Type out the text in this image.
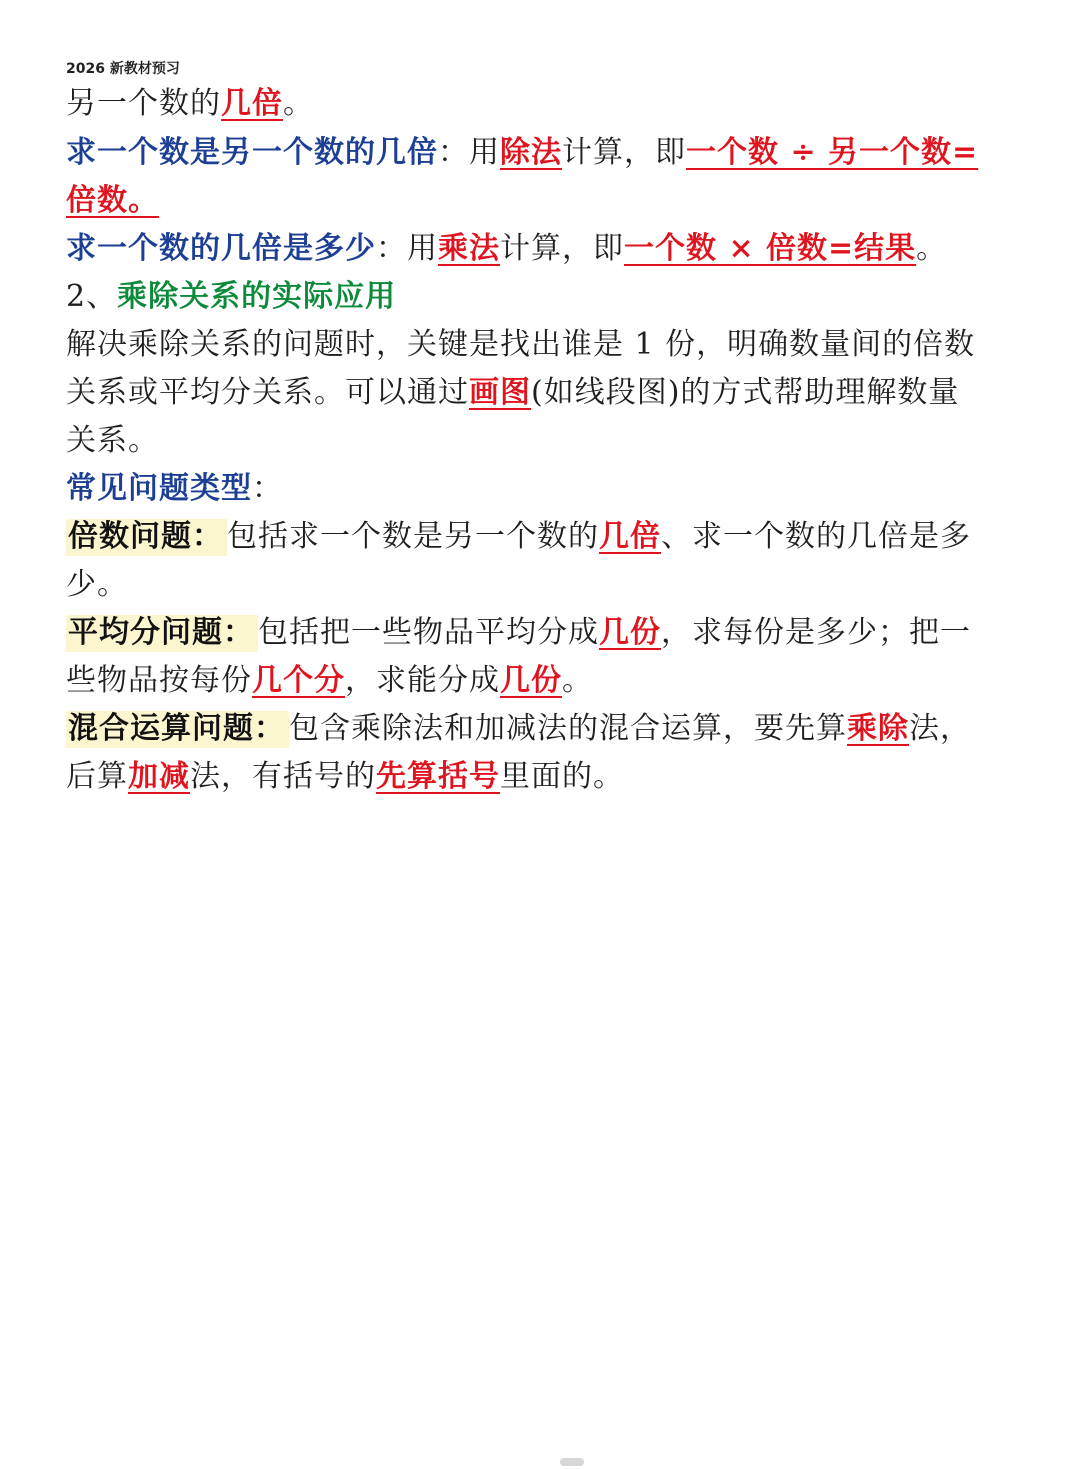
2026 新教材预习
另一个数的几倍。
求一个数是另一个数的几倍：用除法计算，即一个数 ÷ 另一个数=
倍数。
求一个数的几倍是多少：用乘法计算，即一个数 × 倍数=结果。
2、乘除关系的实际应用
解决乘除关系的问题时，关键是找出谁是 1 份，明确数量间的倍数
关系或平均分关系。可以通过画图(如线段图)的方式帮助理解数量
关系。
常见问题类型：
倍数问题： 包括求一个数是另一个数的几倍、求一个数的几倍是多
少。
平均分问题： 包括把一些物品平均分成几份，求每份是多少；把一
些物品按每份几个分，求能分成几份。
混合运算问题： 包含乘除法和加减法的混合运算，要先算乘除法，
后算加减法，有括号的先算括号里面的。
